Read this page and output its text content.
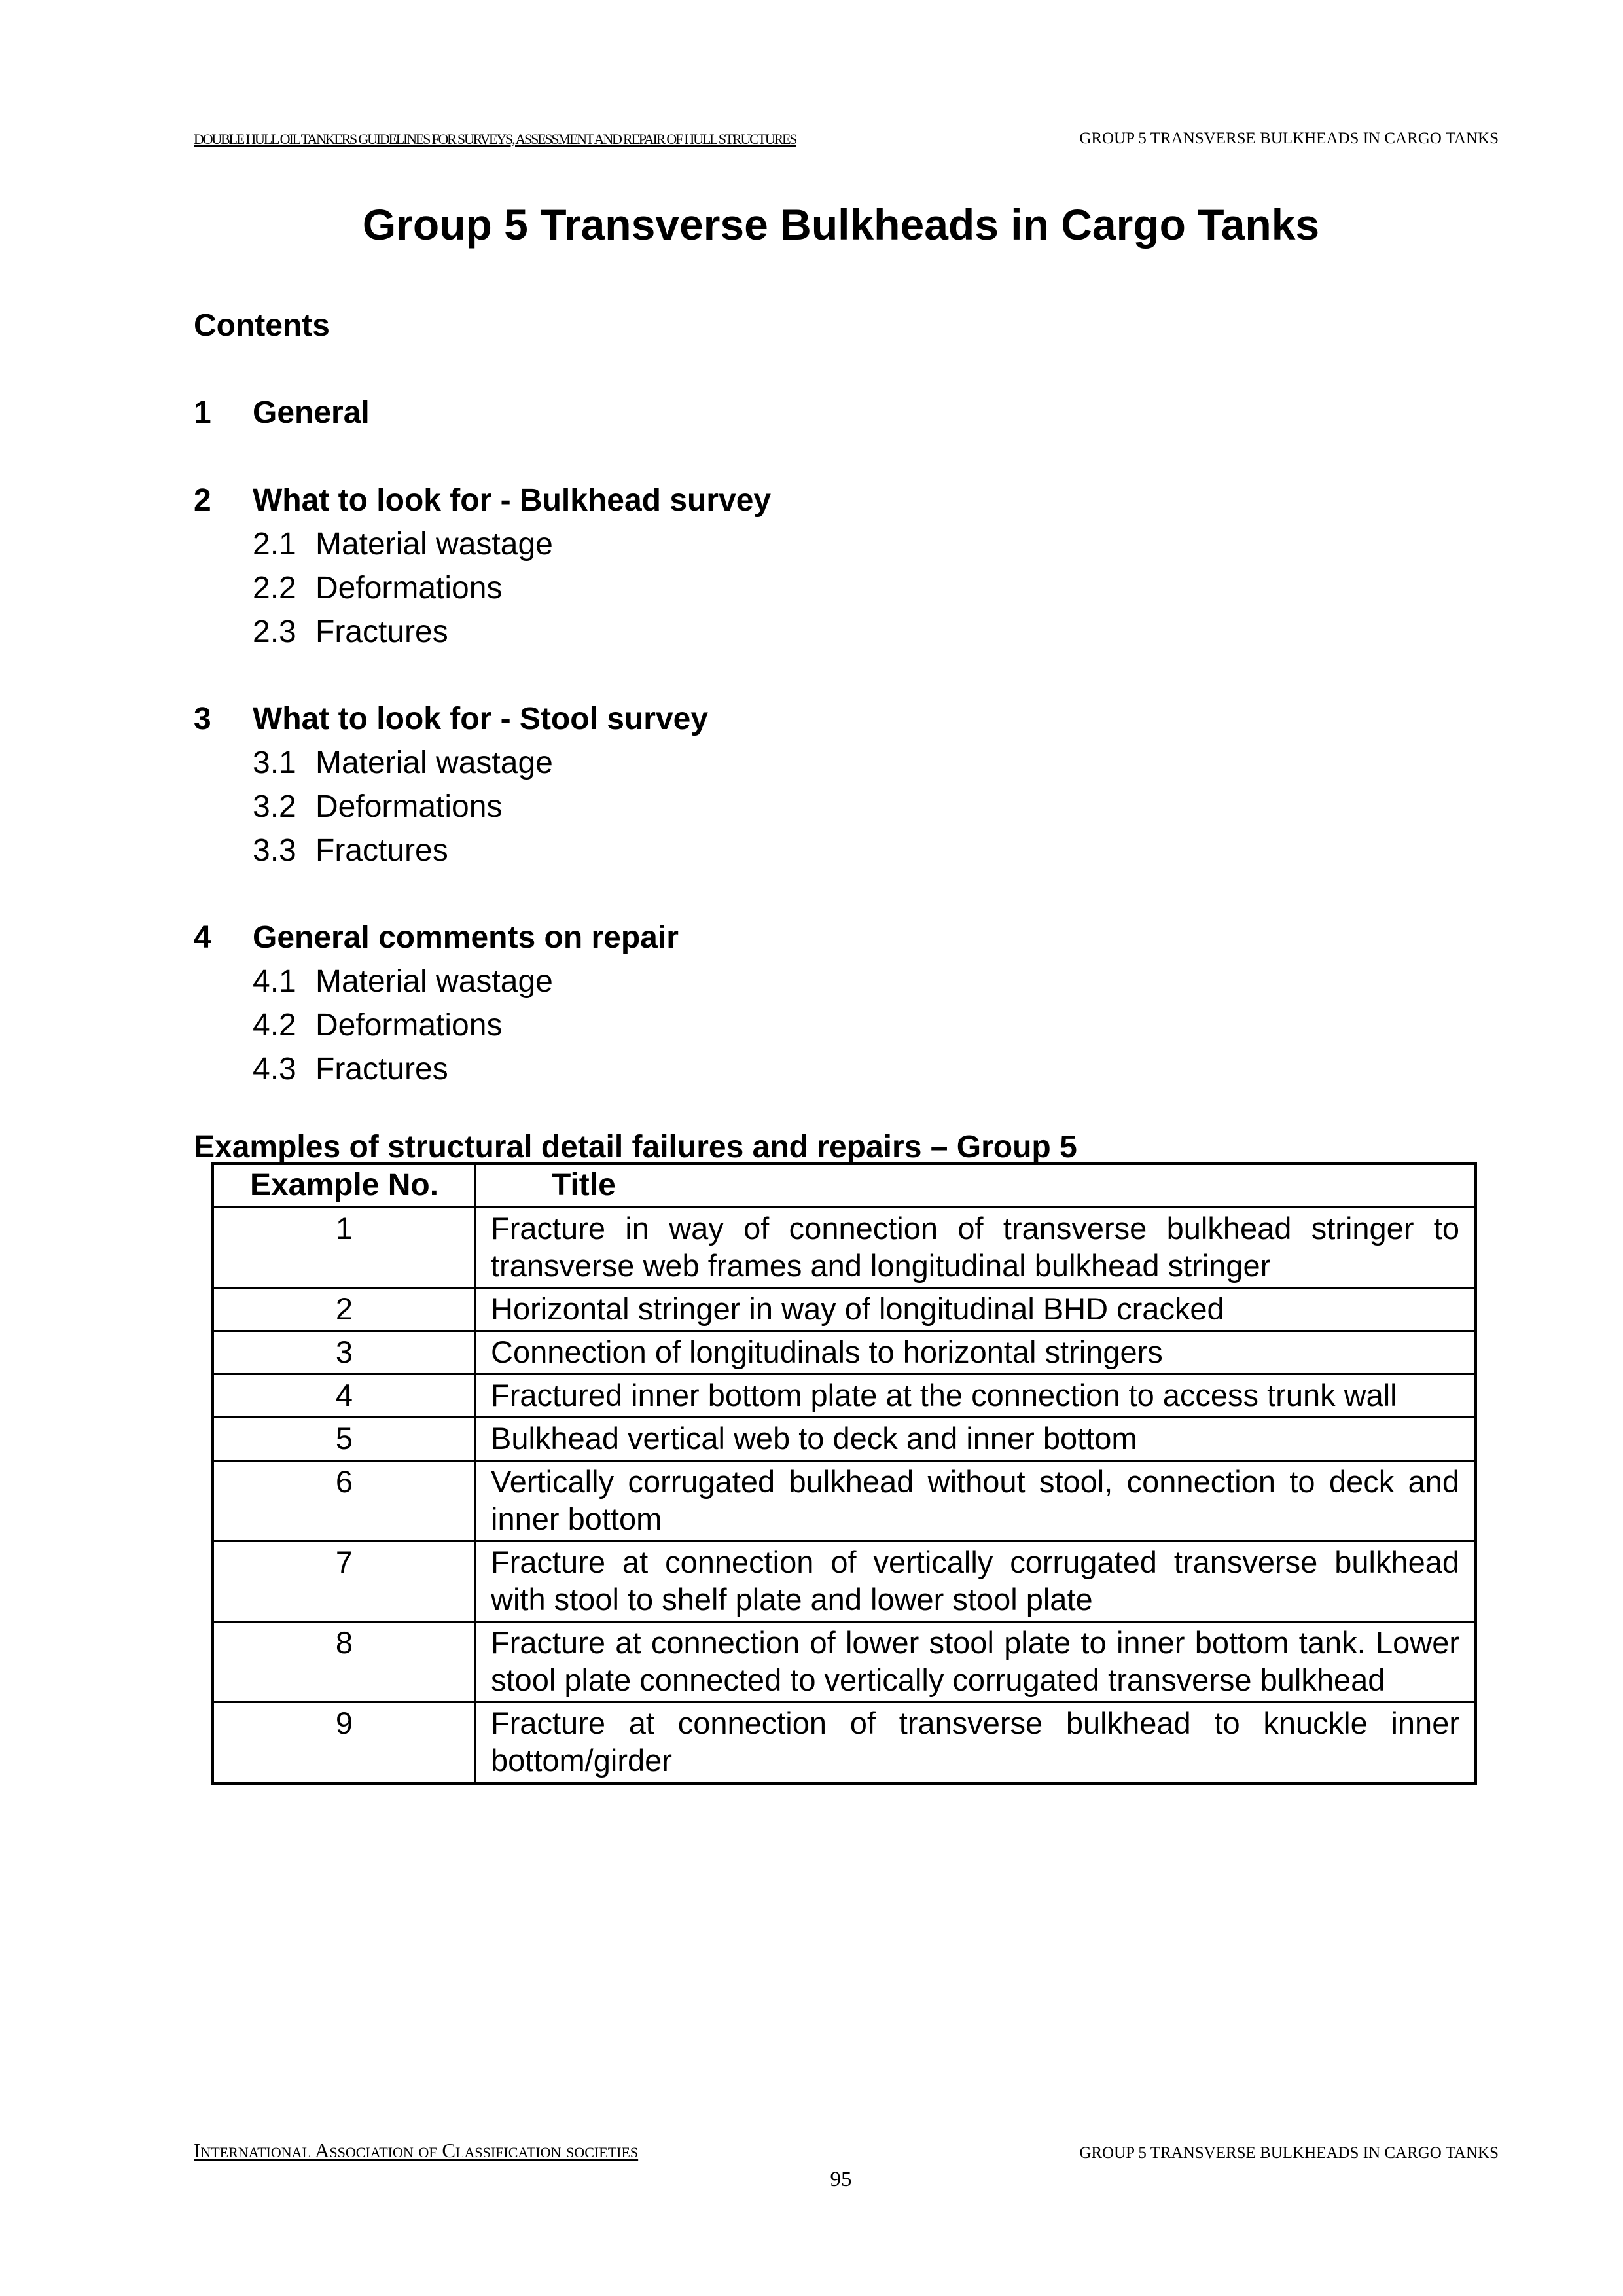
DOUBLE HULL OIL TANKERS GUIDELINES FOR SURVEYS, ASSESSMENT AND REPAIR OF HULL STRUCTURES	GROUP 5 TRANSVERSE BULKHEADS IN CARGO TANKS
Group 5 Transverse Bulkheads in Cargo Tanks
Contents
1 General
2 What to look for - Bulkhead survey
2.1 Material wastage
2.2 Deformations
2.3 Fractures
3 What to look for - Stool survey
3.1 Material wastage
3.2 Deformations
3.3 Fractures
4 General comments on repair
4.1 Material wastage
4.2 Deformations
4.3 Fractures
Examples of structural detail failures and repairs – Group 5
Example No.	Title
1	Fracture in way of connection of transverse bulkhead stringer to transverse web frames and longitudinal bulkhead stringer
2	Horizontal stringer in way of longitudinal BHD cracked
3	Connection of longitudinals to horizontal stringers
4	Fractured inner bottom plate at the connection to access trunk wall
5	Bulkhead vertical web to deck and inner bottom
6	Vertically corrugated bulkhead without stool, connection to deck and inner bottom
7	Fracture at connection of vertically corrugated transverse bulkhead with stool to shelf plate and lower stool plate
8	Fracture at connection of lower stool plate to inner bottom tank. Lower stool plate connected to vertically corrugated transverse bulkhead
9	Fracture at connection of transverse bulkhead to knuckle inner bottom/girder
International Association of Classification societies	GROUP 5 TRANSVERSE BULKHEADS IN CARGO TANKS
95
